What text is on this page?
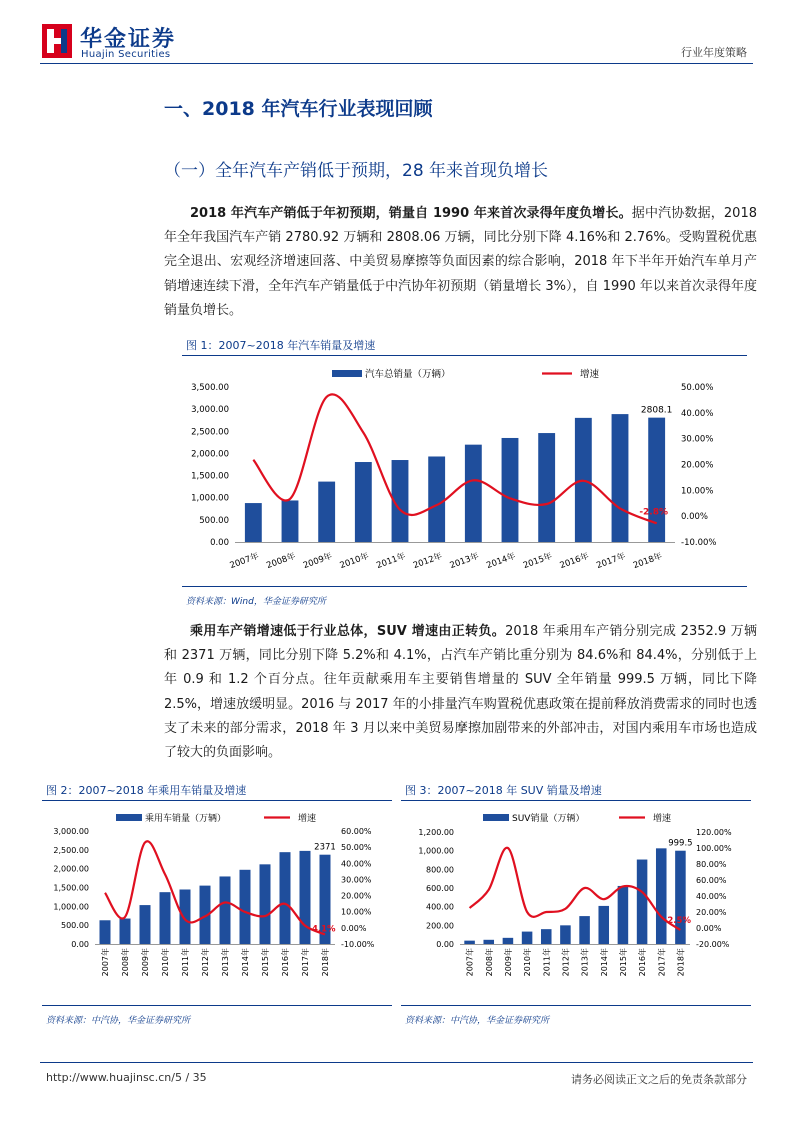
华金证券
Huajin Securities	行业年度策略
一、2018 年汽车行业表现回顾
（一）全年汽车产销低于预期，28 年来首现负增长
2018 年汽车产销低于年初预期，销量自 1990 年来首次录得年度负增长。据中汽协数据，2018 年全年我国汽车产销 2780.92 万辆和 2808.06 万辆，同比分别下降 4.16%和 2.76%。受购置税优惠完全退出、宏观经济增速回落、中美贸易摩擦等负面因素的综合影响，2018 年下半年开始汽车单月产销增速连续下滑，全年汽车产销量低于中汽协年初预期（销量增长 3%），自 1990 年以来首次录得年度销量负增长。
图 1：2007~2018 年汽车销量及增速
汽车总销量（万辆）	增速
0.00
500.00
1,000.00
1,500.00
2,000.00
2,500.00
3,000.00
3,500.00
-10.00%
0.00%
10.00%
20.00%
30.00%
40.00%
50.00%
2007年 2008年 2009年 2010年 2011年 2012年 2013年 2014年 2015年 2016年 2017年 2018年
2808.1
-2.8%
资料来源：Wind，华金证券研究所
乘用车产销增速低于行业总体，SUV 增速由正转负。2018 年乘用车产销分别完成 2352.9 万辆和 2371 万辆，同比分别下降 5.2%和 4.1%，占汽车产销比重分别为 84.6%和 84.4%，分别低于上年 0.9 和 1.2 个百分点。往年贡献乘用车主要销售增量的 SUV 全年销量 999.5 万辆，同比下降 2.5%，增速放缓明显。2016 与 2017 年的小排量汽车购置税优惠政策在提前释放消费需求的同时也透支了未来的部分需求，2018 年 3 月以来中美贸易摩擦加剧带来的外部冲击，对国内乘用车市场也造成了较大的负面影响。
图 2：2007~2018 年乘用车销量及增速
乘用车销量（万辆）	增速
0.00
500.00
1,000.00
1,500.00
2,000.00
2,500.00
3,000.00
-10.00%
0.00%
10.00%
20.00%
30.00%
40.00%
50.00%
60.00%
2007年 2008年 2009年 2010年 2011年 2012年 2013年 2014年 2015年 2016年 2017年 2018年
2371
-4.1%
资料来源：中汽协，华金证券研究所
图 3：2007~2018 年 SUV 销量及增速
SUV销量（万辆）	增速
0.00
200.00
400.00
600.00
800.00
1,000.00
1,200.00
-20.00%
0.00%
20.00%
40.00%
60.00%
80.00%
100.00%
120.00%
2007年 2008年 2009年 2010年 2011年 2012年 2013年 2014年 2015年 2016年 2017年 2018年
999.5
-2.5%
资料来源：中汽协，华金证券研究所
http://www.huajinsc.cn/5 / 35	请务必阅读正文之后的免责条款部分
